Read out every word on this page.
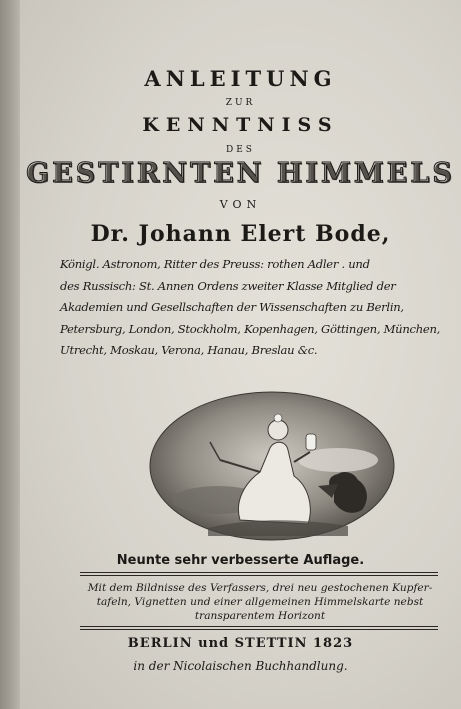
ANLEITUNG
ZUR
KENNTNISS
DES
GESTIRNTEN HIMMELS
VON
Dr. Johann Elert Bode,
Königl. Astronom, Ritter des Preuss: rothen Adler . und
des Russisch: St. Annen Ordens zweiter Klasse Mitglied der
Akademien und Gesellschaften der Wissenschaften zu Berlin,
Petersburg, London, Stockholm, Kopenhagen, Göttingen, München,
Utrecht, Moskau, Verona, Hanau, Breslau &c.
Neunte sehr verbesserte Auflage.
Mit dem Bildnisse des Verfassers, drei neu gestochenen Kupfer-
tafeln, Vignetten und einer allgemeinen Himmelskarte nebst
transparentem Horizont
BERLIN und STETTIN 1823
in der Nicolaischen Buchhandlung.
